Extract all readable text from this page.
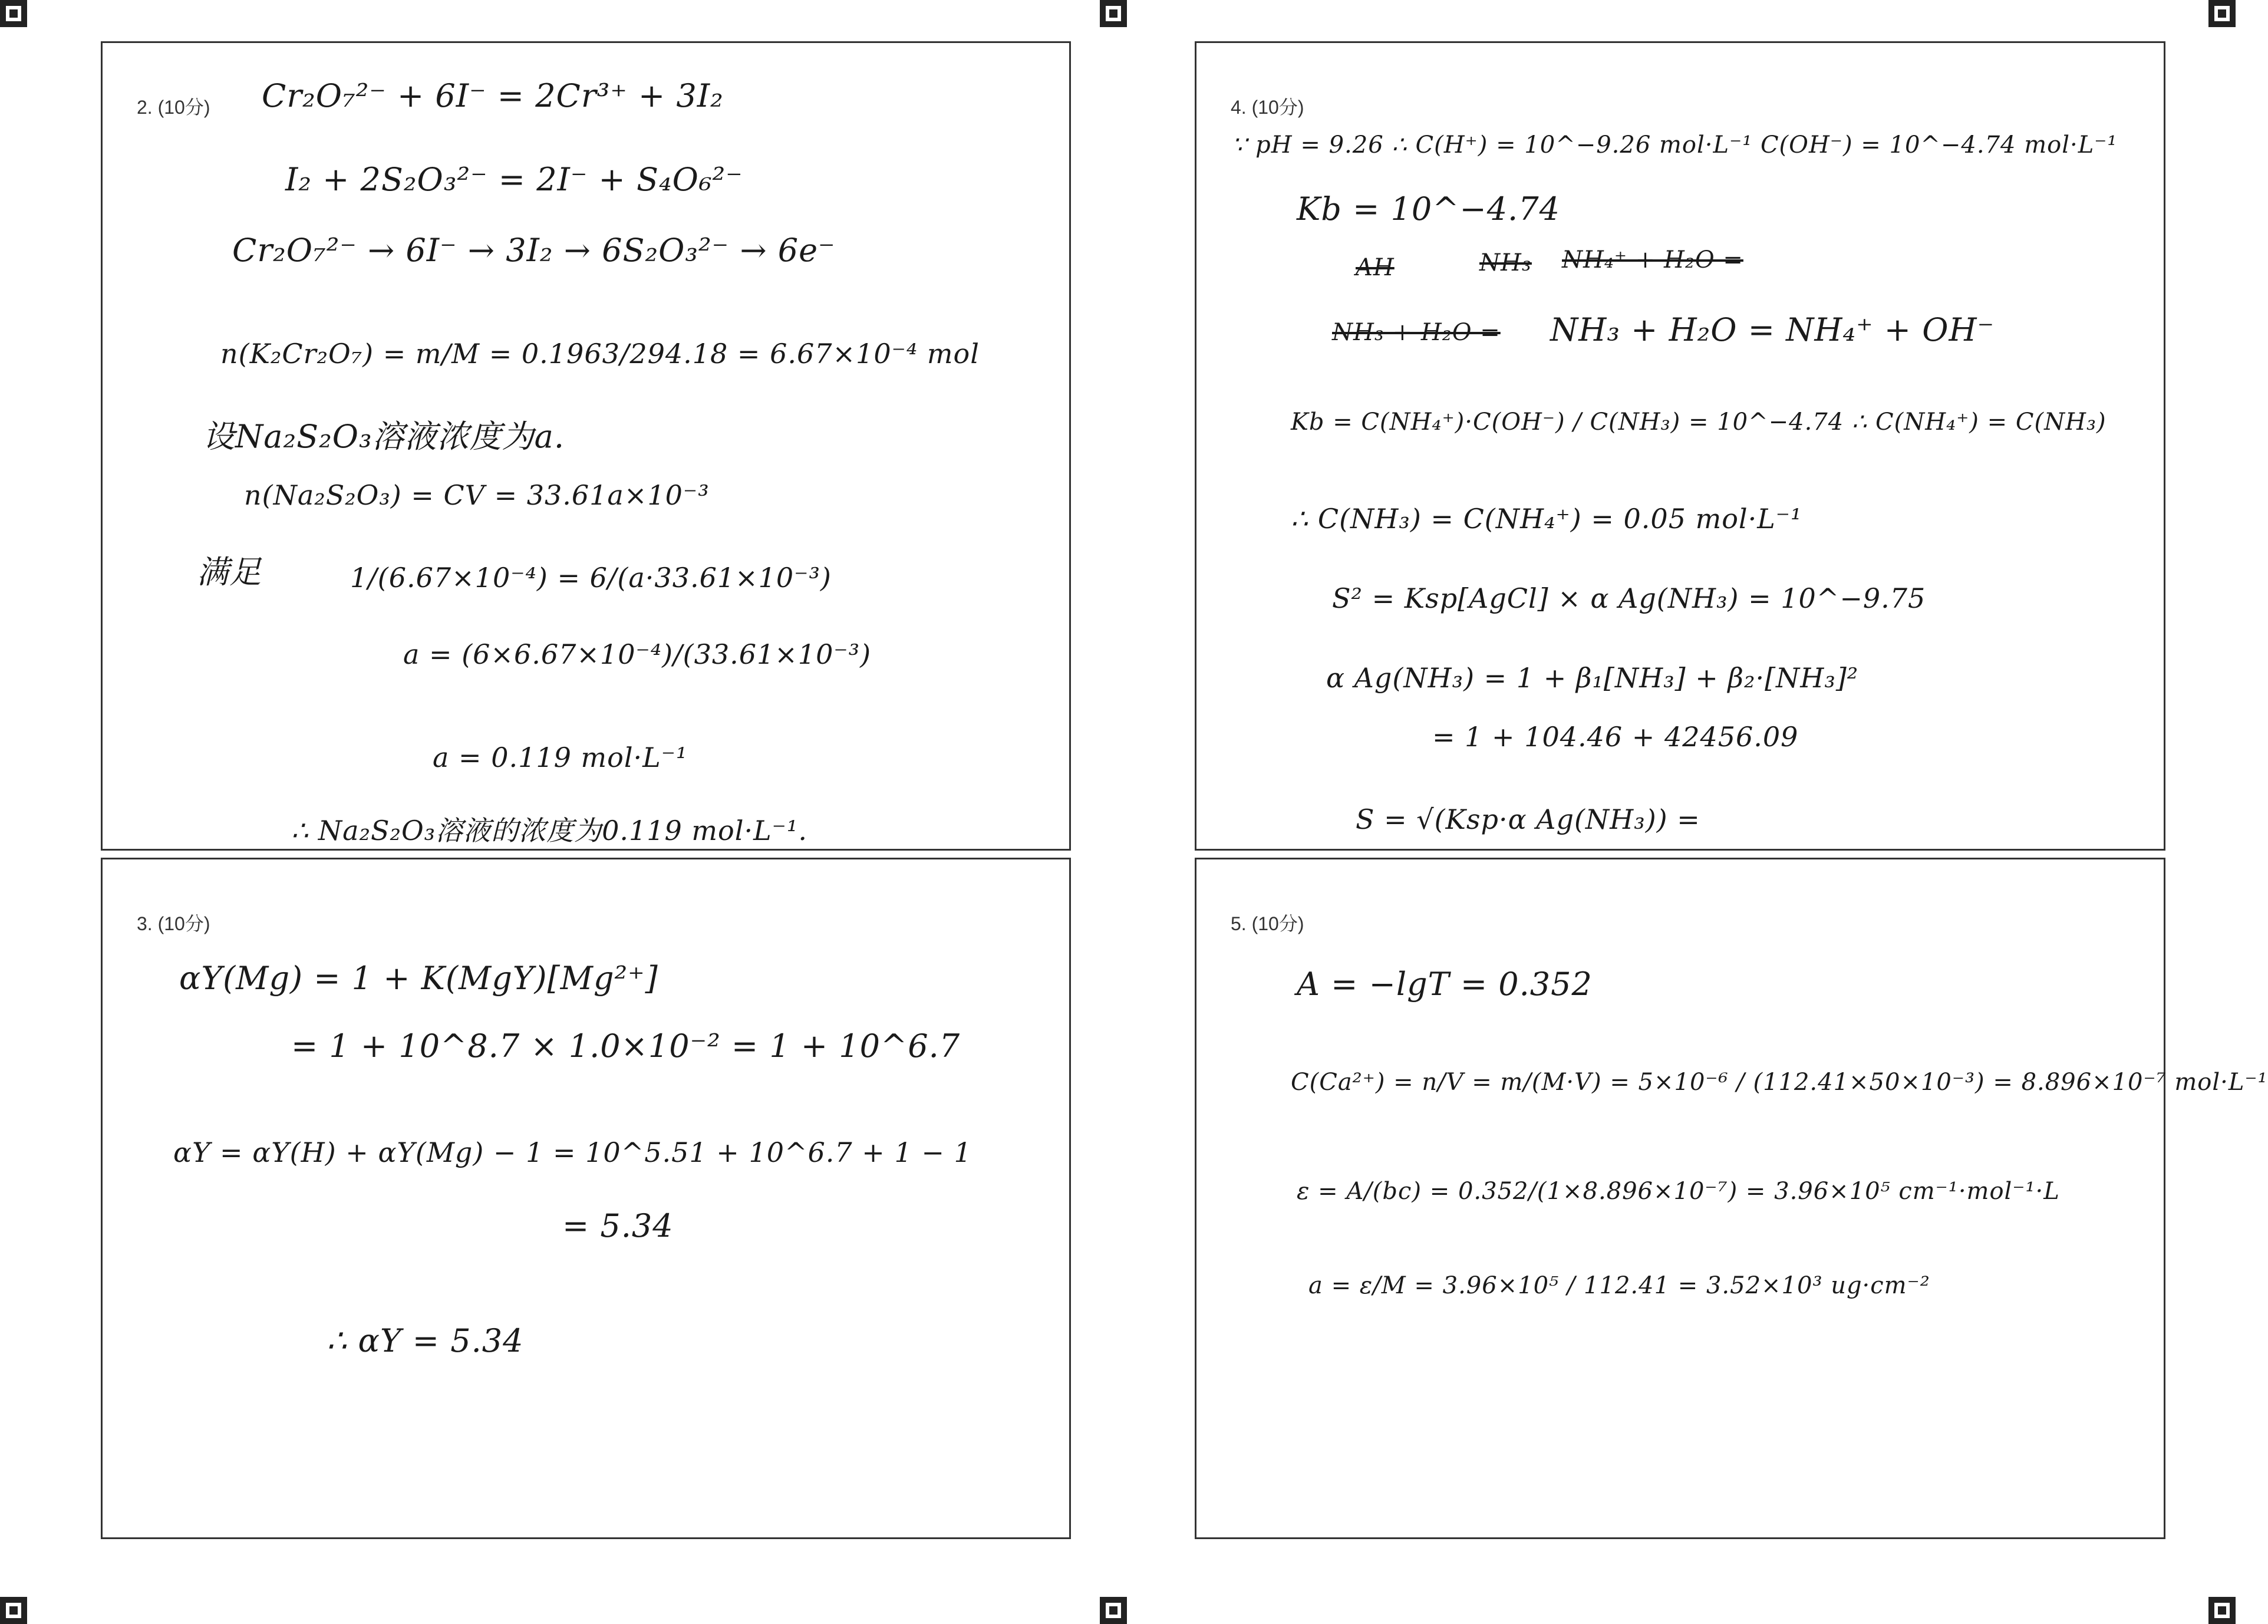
2. (10分) Cr₂O₇²⁻ + 6I⁻ = 2Cr³⁺ + 3I₂
I₂ + 2S₂O₃²⁻ = 2I⁻ + S₄O₆²⁻
Cr₂O₇²⁻ → 6I⁻ → 3I₂ → 6S₂O₃²⁻ → 6e⁻
n(K₂Cr₂O₇) = m/M = 0.1963/294.18 = 6.67×10⁻⁴ mol
设Na₂S₂O₃溶液浓度为a.
n(Na₂S₂O₃) = CV = 33.61a×10⁻³
满足	1/(6.67×10⁻⁴) = 6/(a·33.61×10⁻³)
a = (6×6.67×10⁻⁴)/(33.61×10⁻³)
a = 0.119 mol·L⁻¹
∴ Na₂S₂O₃溶液的浓度为0.119 mol·L⁻¹.
4. (10分)
∵ pH = 9.26 ∴ C(H⁺) = 10^−9.26 mol·L⁻¹ C(OH⁻) = 10^−4.74 mol·L⁻¹
Kb = 10^−4.74
AH	NH₃ NH₄⁺ + H₂O =
NH₃ + H₂O = NH₃ + H₂O = NH₄⁺ + OH⁻
Kb = C(NH₄⁺)·C(OH⁻) / C(NH₃) = 10^−4.74 ∴ C(NH₄⁺) = C(NH₃)
∴ C(NH₃) = C(NH₄⁺) = 0.05 mol·L⁻¹
S² = Ksp[AgCl] × α Ag(NH₃) = 10^−9.75
α Ag(NH₃) = 1 + β₁[NH₃] + β₂·[NH₃]²
= 1 + 104.46 + 42456.09
S = √(Ksp·α Ag(NH₃)) =
3. (10分)
αY(Mg) = 1 + K(MgY)[Mg²⁺]
= 1 + 10^8.7 × 1.0×10⁻² = 1 + 10^6.7
αY = αY(H) + αY(Mg) − 1 = 10^5.51 + 10^6.7 + 1 − 1
= 5.34
∴ αY = 5.34
5. (10分)
A = −lgT = 0.352
C(Ca²⁺) = n/V = m/(M·V) = 5×10⁻⁶ / (112.41×50×10⁻³) = 8.896×10⁻⁷ mol·L⁻¹
ε = A/(bc) = 0.352/(1×8.896×10⁻⁷) = 3.96×10⁵ cm⁻¹·mol⁻¹·L
a = ε/M = 3.96×10⁵ / 112.41 = 3.52×10³ ug·cm⁻²
